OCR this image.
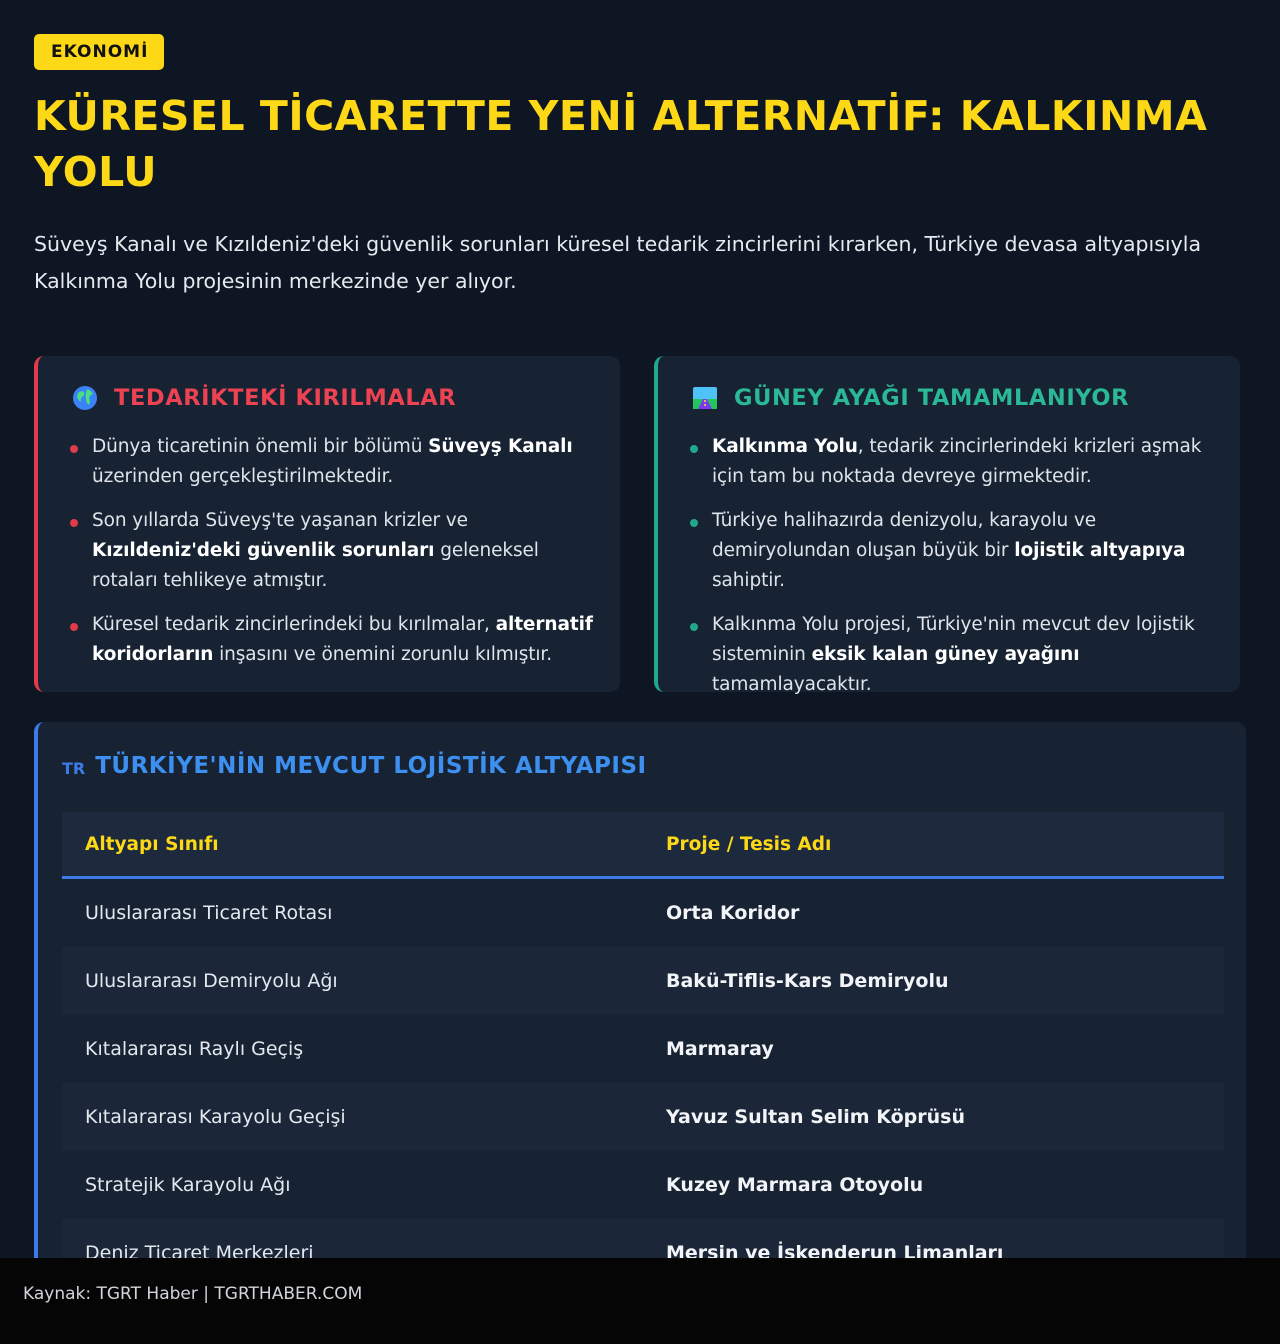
EKONOMİ
KÜRESEL TİCARETTE YENİ ALTERNATİF: KALKINMA YOLU
Süveyş Kanalı ve Kızıldeniz'deki güvenlik sorunları küresel tedarik zincirlerini kırarken, Türkiye devasa altyapısıyla Kalkınma Yolu projesinin merkezinde yer alıyor.
TEDARİKTEKİ KIRILMALAR
Dünya ticaretinin önemli bir bölümü Süveyş Kanalı üzerinden gerçekleştirilmektedir.
Son yıllarda Süveyş'te yaşanan krizler ve Kızıldeniz'deki güvenlik sorunları geleneksel rotaları tehlikeye atmıştır.
Küresel tedarik zincirlerindeki bu kırılmalar, alternatif koridorların inşasını ve önemini zorunlu kılmıştır.
GÜNEY AYAĞI TAMAMLANIYOR
Kalkınma Yolu, tedarik zincirlerindeki krizleri aşmak için tam bu noktada devreye girmektedir.
Türkiye halihazırda denizyolu, karayolu ve demiryolundan oluşan büyük bir lojistik altyapıya sahiptir.
Kalkınma Yolu projesi, Türkiye'nin mevcut dev lojistik sisteminin eksik kalan güney ayağını tamamlayacaktır.
TR TÜRKİYE'NİN MEVCUT LOJİSTİK ALTYAPISI
Altyapı Sınıfı	Proje / Tesis Adı
Uluslararası Ticaret Rotası	Orta Koridor
Uluslararası Demiryolu Ağı	Bakü-Tiflis-Kars Demiryolu
Kıtalararası Raylı Geçiş	Marmaray
Kıtalararası Karayolu Geçişi	Yavuz Sultan Selim Köprüsü
Stratejik Karayolu Ağı	Kuzey Marmara Otoyolu
Deniz Ticaret Merkezleri	Mersin ve İskenderun Limanları
Kaynak: TGRT Haber | TGRTHABER.COM
